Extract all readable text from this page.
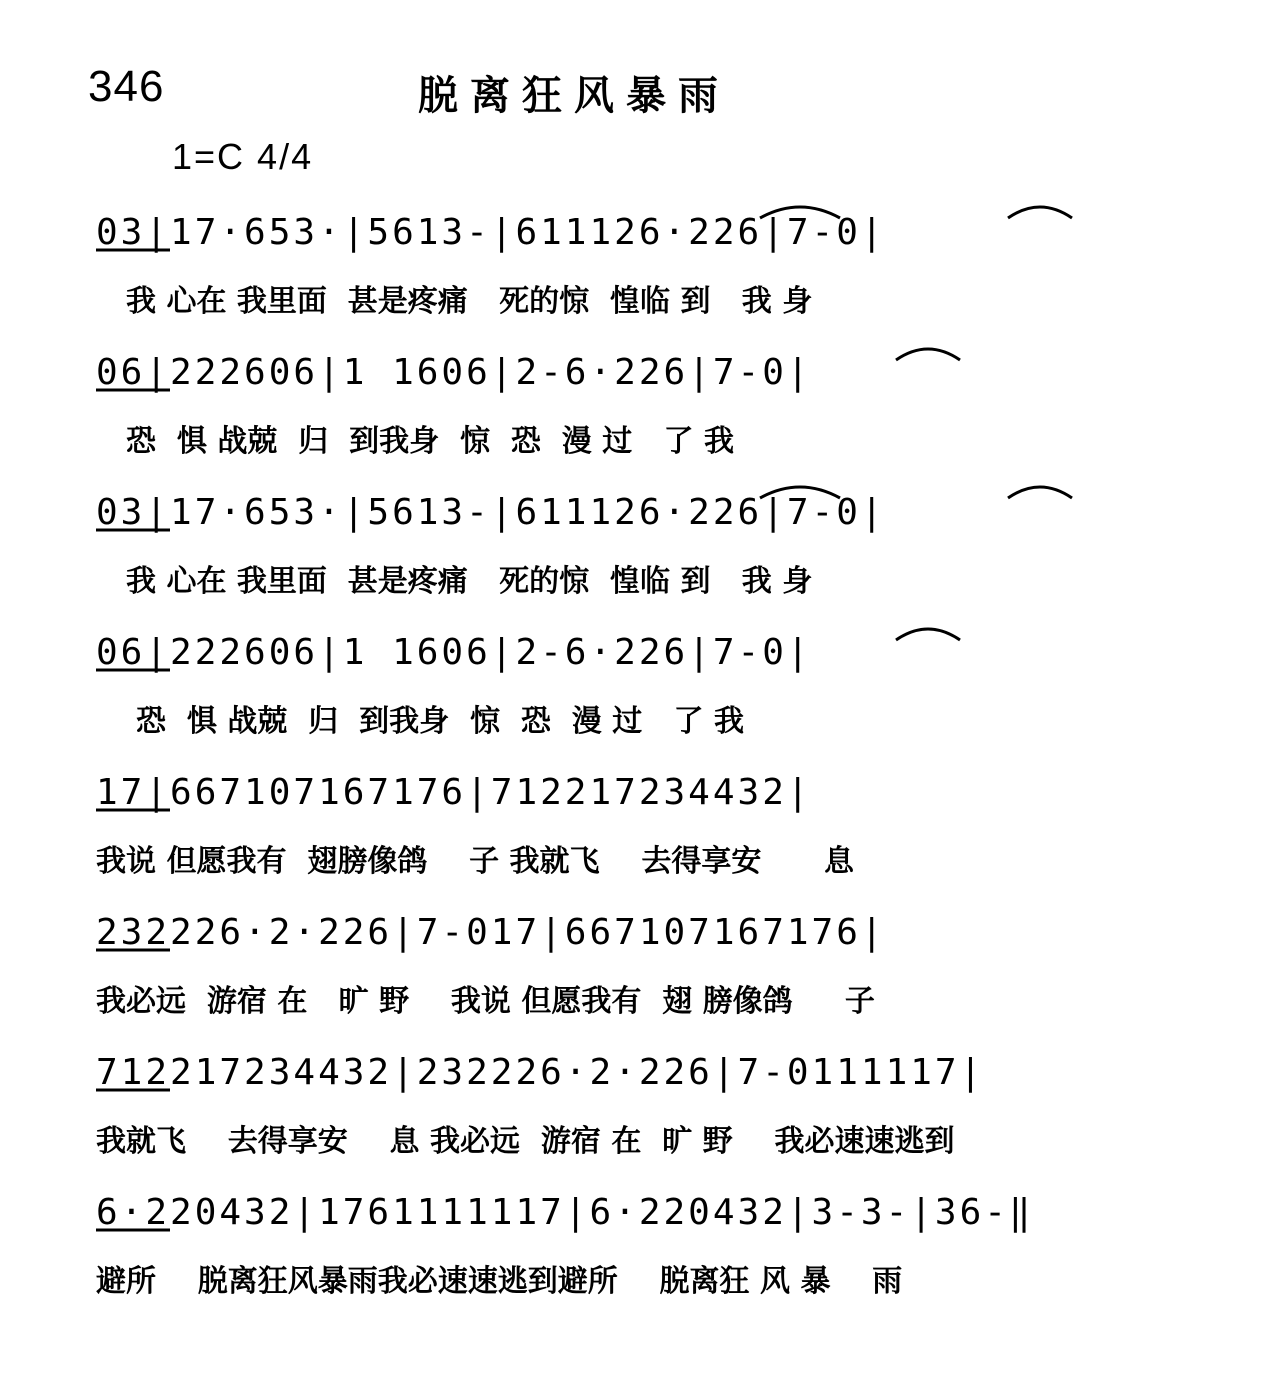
346	脱离狂风暴雨
1=C 4/4
03|17·653·|5613-|611126·226|7-0|
我 心在 我里面  甚是疼痛   死的惊  惶临 到   我 身
06|222606|1 1606|2-6·226|7-0|
恐  惧 战兢  归  到我身  惊  恐  漫 过   了 我
03|17·653·|5613-|611126·226|7-0|
我 心在 我里面  甚是疼痛   死的惊  惶临 到   我 身
06|222606|1 1606|2-6·226|7-0|
恐  惧 战兢  归  到我身  惊  恐  漫 过   了 我
17|667107167176|712217234432|
我说 但愿我有  翅膀像鸽    子 我就飞    去得享安      息
232226·2·226|7-017|667107167176|
我必远  游宿 在   旷 野    我说 但愿我有  翅 膀像鸽     子
712217234432|232226·2·226|7-0111117|
我就飞    去得享安    息 我必远  游宿 在  旷 野    我必速速逃到
6·220432|1761111117|6·220432|3-3-|36-‖
避所    脱离狂风暴雨我必速速逃到避所    脱离狂 风 暴    雨
